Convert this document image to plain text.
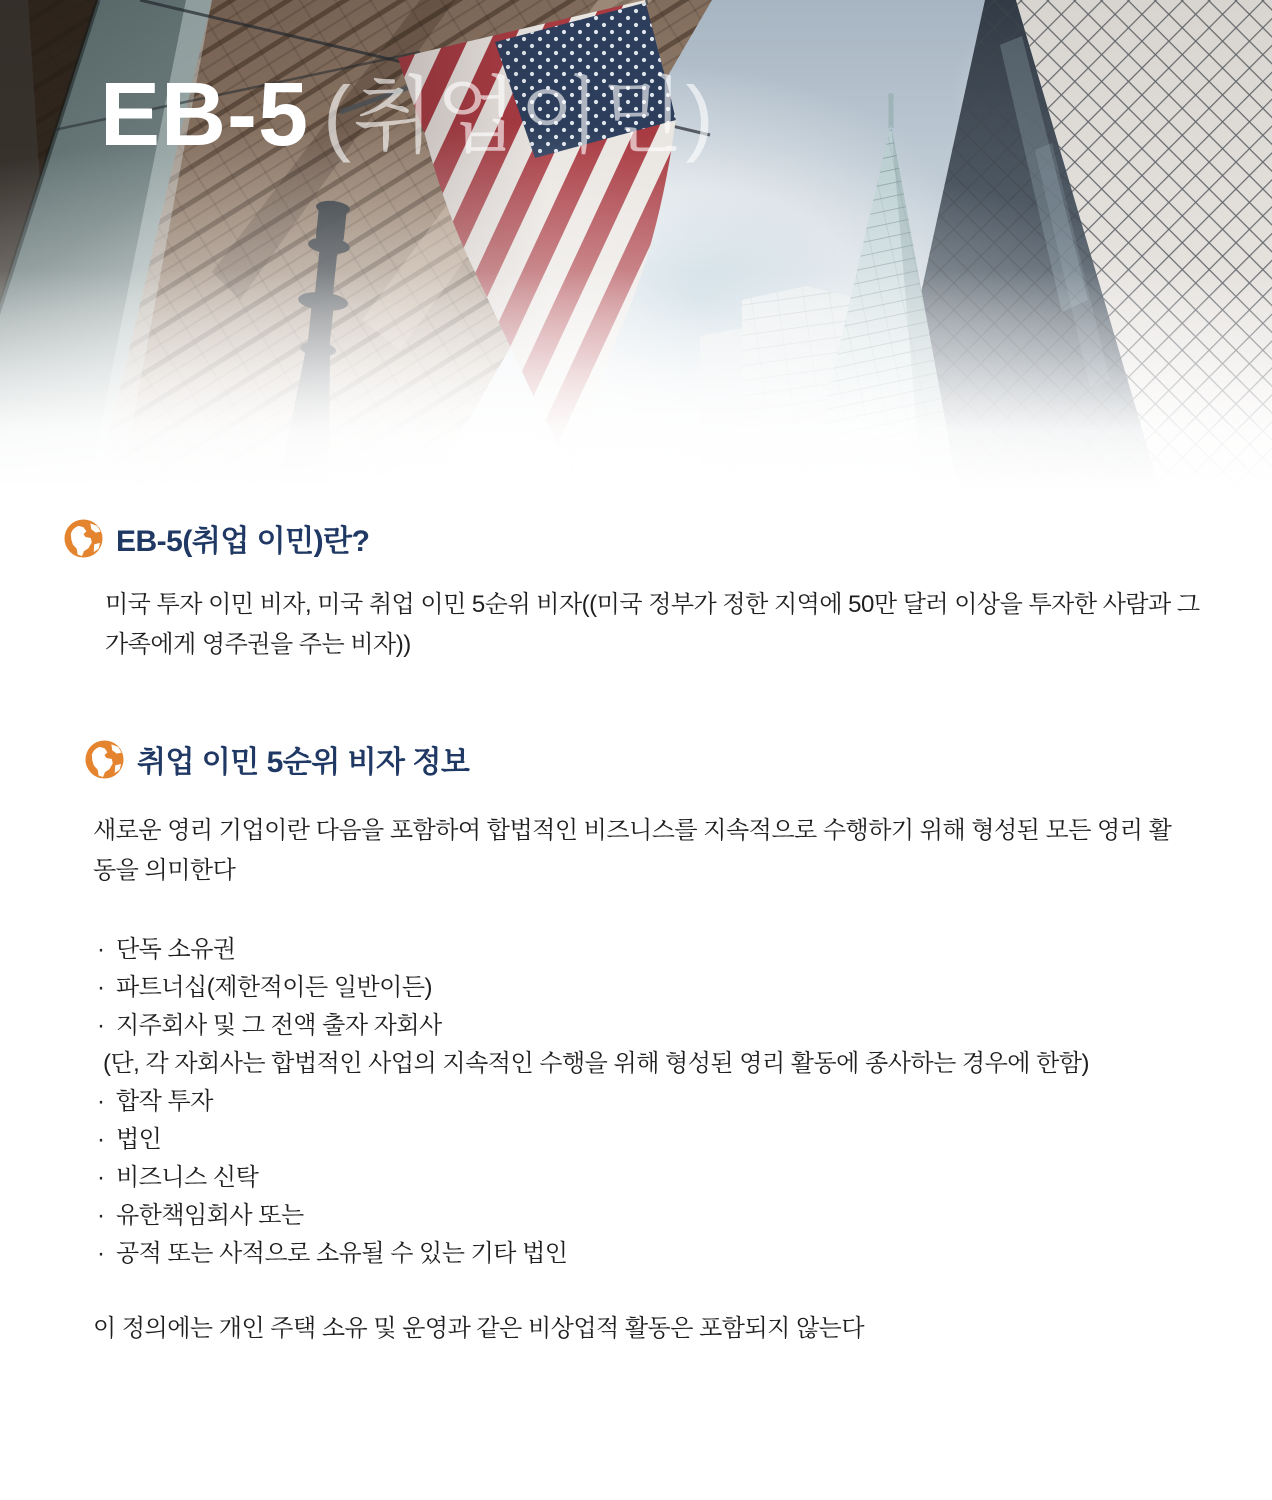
EB-5 (취업이민)
EB-5(취업 이민)란?

미국 투자 이민 비자, 미국 취업 이민 5순위 비자((미국 정부가 정한 지역에 50만 달러 이상을 투자한 사람과 그 가족에게 영주권을 주는 비자))

취업 이민 5순위 비자 정보

새로운 영리 기업이란 다음을 포함하여 합법적인 비즈니스를 지속적으로 수행하기 위해 형성된 모든 영리 활동을 의미한다

· 단독 소유권
· 파트너십(제한적이든 일반이든)
· 지주회사 및 그 전액 출자 자회사
(단, 각 자회사는 합법적인 사업의 지속적인 수행을 위해 형성된 영리 활동에 종사하는 경우에 한함)
· 합작 투자
· 법인
· 비즈니스 신탁
· 유한책임회사 또는
· 공적 또는 사적으로 소유될 수 있는 기타 법인

이 정의에는 개인 주택 소유 및 운영과 같은 비상업적 활동은 포함되지 않는다
